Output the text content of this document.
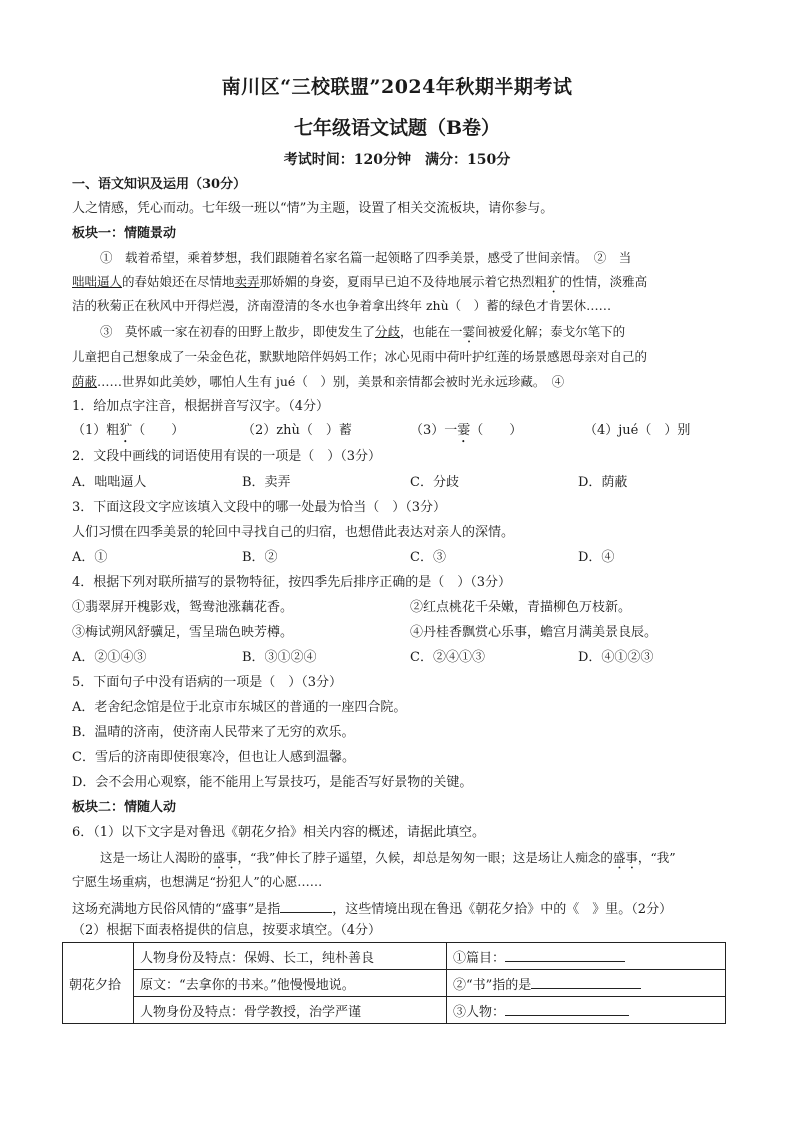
南川区“三校联盟”2024年秋期半期考试
七年级语文试题（B卷）
考试时间：120分钟　满分：150分
一、语文知识及运用（30分）
人之情感，凭心而动。七年级一班以“情”为主题，设置了相关交流板块，请你参与。
板块一：情随景动
①　载着希望，乘着梦想，我们跟随着名家名篇一起领略了四季美景，感受了世间亲情。　②　当
咄咄逼人的春姑娘还在尽情地卖弄那娇媚的身姿，夏雨早已迫不及待地展示着它热烈粗犷的性情，淡雅高
洁的秋菊正在秋风中开得烂漫，济南澄清的冬水也争着拿出终年 zhù（　）蓄的绿色才肯罢休……
③　莫怀戚一家在初春的田野上散步，即使发生了分歧，也能在一霎间被爱化解；泰戈尔笔下的
儿童把自己想象成了一朵金色花，默默地陪伴妈妈工作；冰心见雨中荷叶护红莲的场景感恩母亲对自己的
荫蔽……世界如此美妙，哪怕人生有 jué（　）别，美景和亲情都会被时光永远珍藏。　④
1．给加点字注音，根据拼音写汉字。（4分）
（1）粗犷（　　）	（2）zhù（　）蓄	（3）一霎（　　）	（4）jué（　）别
2．文段中画线的词语使用有误的一项是（　）（3分）
A．咄咄逼人	B．卖弄	C．分歧	D．荫蔽
3．下面这段文字应该填入文段中的哪一处最为恰当（　）（3分）
人们习惯在四季美景的轮回中寻找自己的归宿，也想借此表达对亲人的深情。
A．①	B．②	C．③	D．④
4．根据下列对联所描写的景物特征，按四季先后排序正确的是（　）（3分）
①翡翠屏开槐影戏，鸳鸯池涨藕花香。	②红点桃花千朵嫩，青描柳色万枝新。
③梅试朔风舒骥足，雪呈瑞色映芳樽。	④丹桂香飘赏心乐事，蟾宫月满美景良辰。
A．②①④③	B．③①②④	C．②④①③	D．④①②③
5．下面句子中没有语病的一项是（　）（3分）
A．老舍纪念馆是位于北京市东城区的普通的一座四合院。
B．温晴的济南，使济南人民带来了无穷的欢乐。
C．雪后的济南即使很寒冷，但也让人感到温馨。
D．会不会用心观察，能不能用上写景技巧，是能否写好景物的关键。
板块二：情随人动
6．（1）以下文字是对鲁迅《朝花夕拾》相关内容的概述，请据此填空。
这是一场让人渴盼的盛事，“我”伸长了脖子遥望，久候，却总是匆匆一眼；这是场让人痴念的盛事，“我”
宁愿生场重病，也想满足“扮犯人”的心愿……
这场充满地方民俗风情的“盛事”是指	，这些情境出现在鲁迅《朝花夕拾》中的《　》里。（2分）
（2）根据下面表格提供的信息，按要求填空。（4分）
朝花夕拾	人物身份及特点：保姆、长工，纯朴善良	①篇目：
	原文：“去拿你的书来。”他慢慢地说。	②“书”指的是
	人物身份及特点：骨学教授，治学严谨	③人物：
